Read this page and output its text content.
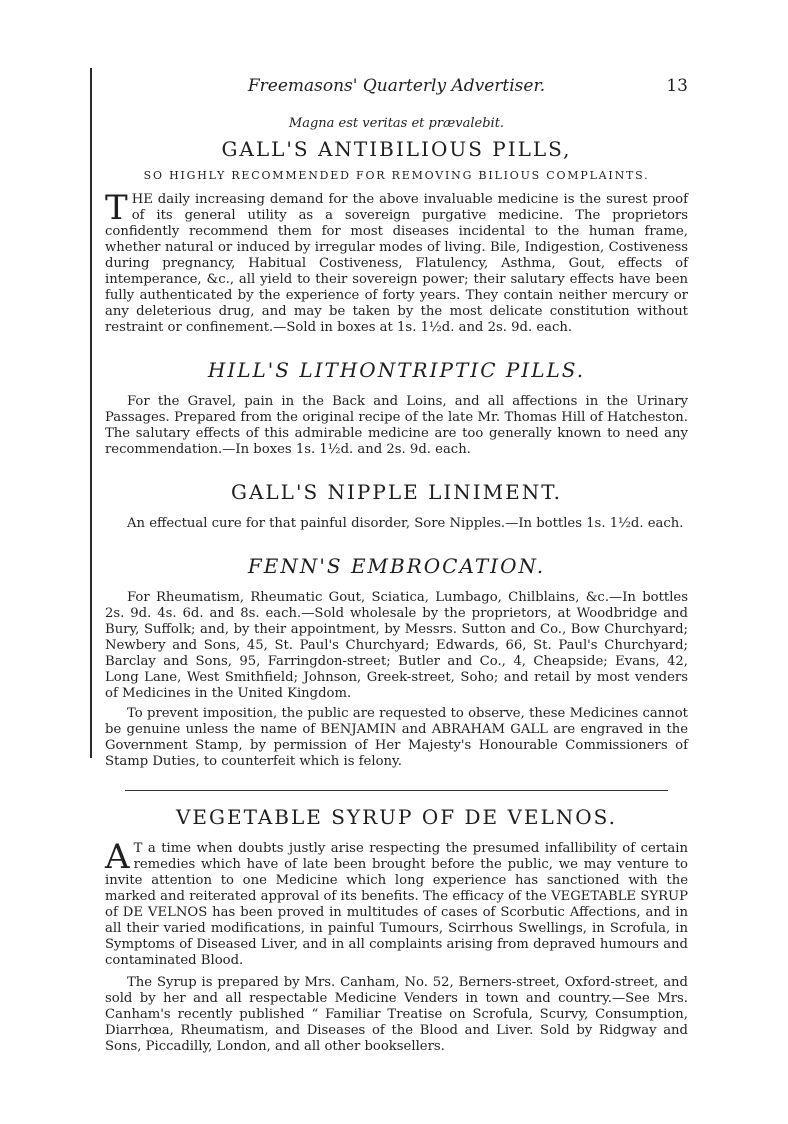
Freemasons' Quarterly Advertiser.	13
Magna est veritas et prævalebit.
GALL'S ANTIBILIOUS PILLS,
SO HIGHLY RECOMMENDED FOR REMOVING BILIOUS COMPLAINTS.

THE daily increasing demand for the above invaluable medicine is the surest proof of its general utility as a sovereign purgative medicine. The proprietors confidently recommend them for most diseases incidental to the human frame, whether natural or induced by irregular modes of living. Bile, Indigestion, Costiveness during pregnancy, Habitual Costiveness, Flatulency, Asthma, Gout, effects of intemperance, &c., all yield to their sovereign power; their salutary effects have been fully authenticated by the experience of forty years. They contain neither mercury or any deleterious drug, and may be taken by the most delicate constitution without restraint or confinement.—Sold in boxes at 1s. 1½d. and 2s. 9d. each.

HILL'S LITHONTRIPTIC PILLS.

For the Gravel, pain in the Back and Loins, and all affections in the Urinary Passages. Prepared from the original recipe of the late Mr. Thomas Hill of Hatcheston. The salutary effects of this admirable medicine are too generally known to need any recommendation.—In boxes 1s. 1½d. and 2s. 9d. each.

GALL'S NIPPLE LINIMENT.

An effectual cure for that painful disorder, Sore Nipples.—In bottles 1s. 1½d. each.

FENN'S EMBROCATION.

For Rheumatism, Rheumatic Gout, Sciatica, Lumbago, Chilblains, &c.—In bottles 2s. 9d. 4s. 6d. and 8s. each.—Sold wholesale by the proprietors, at Woodbridge and Bury, Suffolk; and, by their appointment, by Messrs. Sutton and Co., Bow Churchyard; Newbery and Sons, 45, St. Paul's Churchyard; Edwards, 66, St. Paul's Churchyard; Barclay and Sons, 95, Farringdon-street; Butler and Co., 4, Cheapside; Evans, 42, Long Lane, West Smithfield; Johnson, Greek-street, Soho; and retail by most venders of Medicines in the United Kingdom.

To prevent imposition, the public are requested to observe, these Medicines cannot be genuine unless the name of BENJAMIN and ABRAHAM GALL are engraved in the Government Stamp, by permission of Her Majesty's Honourable Commissioners of Stamp Duties, to counterfeit which is felony.

VEGETABLE SYRUP OF DE VELNOS.

A T a time when doubts justly arise respecting the presumed infallibility of certain remedies which have of late been brought before the public, we may venture to invite attention to one Medicine which long experience has sanctioned with the marked and reiterated approval of its benefits. The efficacy of the VEGETABLE SYRUP of DE VELNOS has been proved in multitudes of cases of Scorbutic Affections, and in all their varied modifications, in painful Tumours, Scirrhous Swellings, in Scrofula, in Symptoms of Diseased Liver, and in all complaints arising from depraved humours and contaminated Blood.

The Syrup is prepared by Mrs. Canham, No. 52, Berners-street, Oxford-street, and sold by her and all respectable Medicine Venders in town and country.—See Mrs. Canham's recently published “ Familiar Treatise on Scrofula, Scurvy, Consumption, Diarrhœa, Rheumatism, and Diseases of the Blood and Liver. Sold by Ridgway and Sons, Piccadilly, London, and all other booksellers.
